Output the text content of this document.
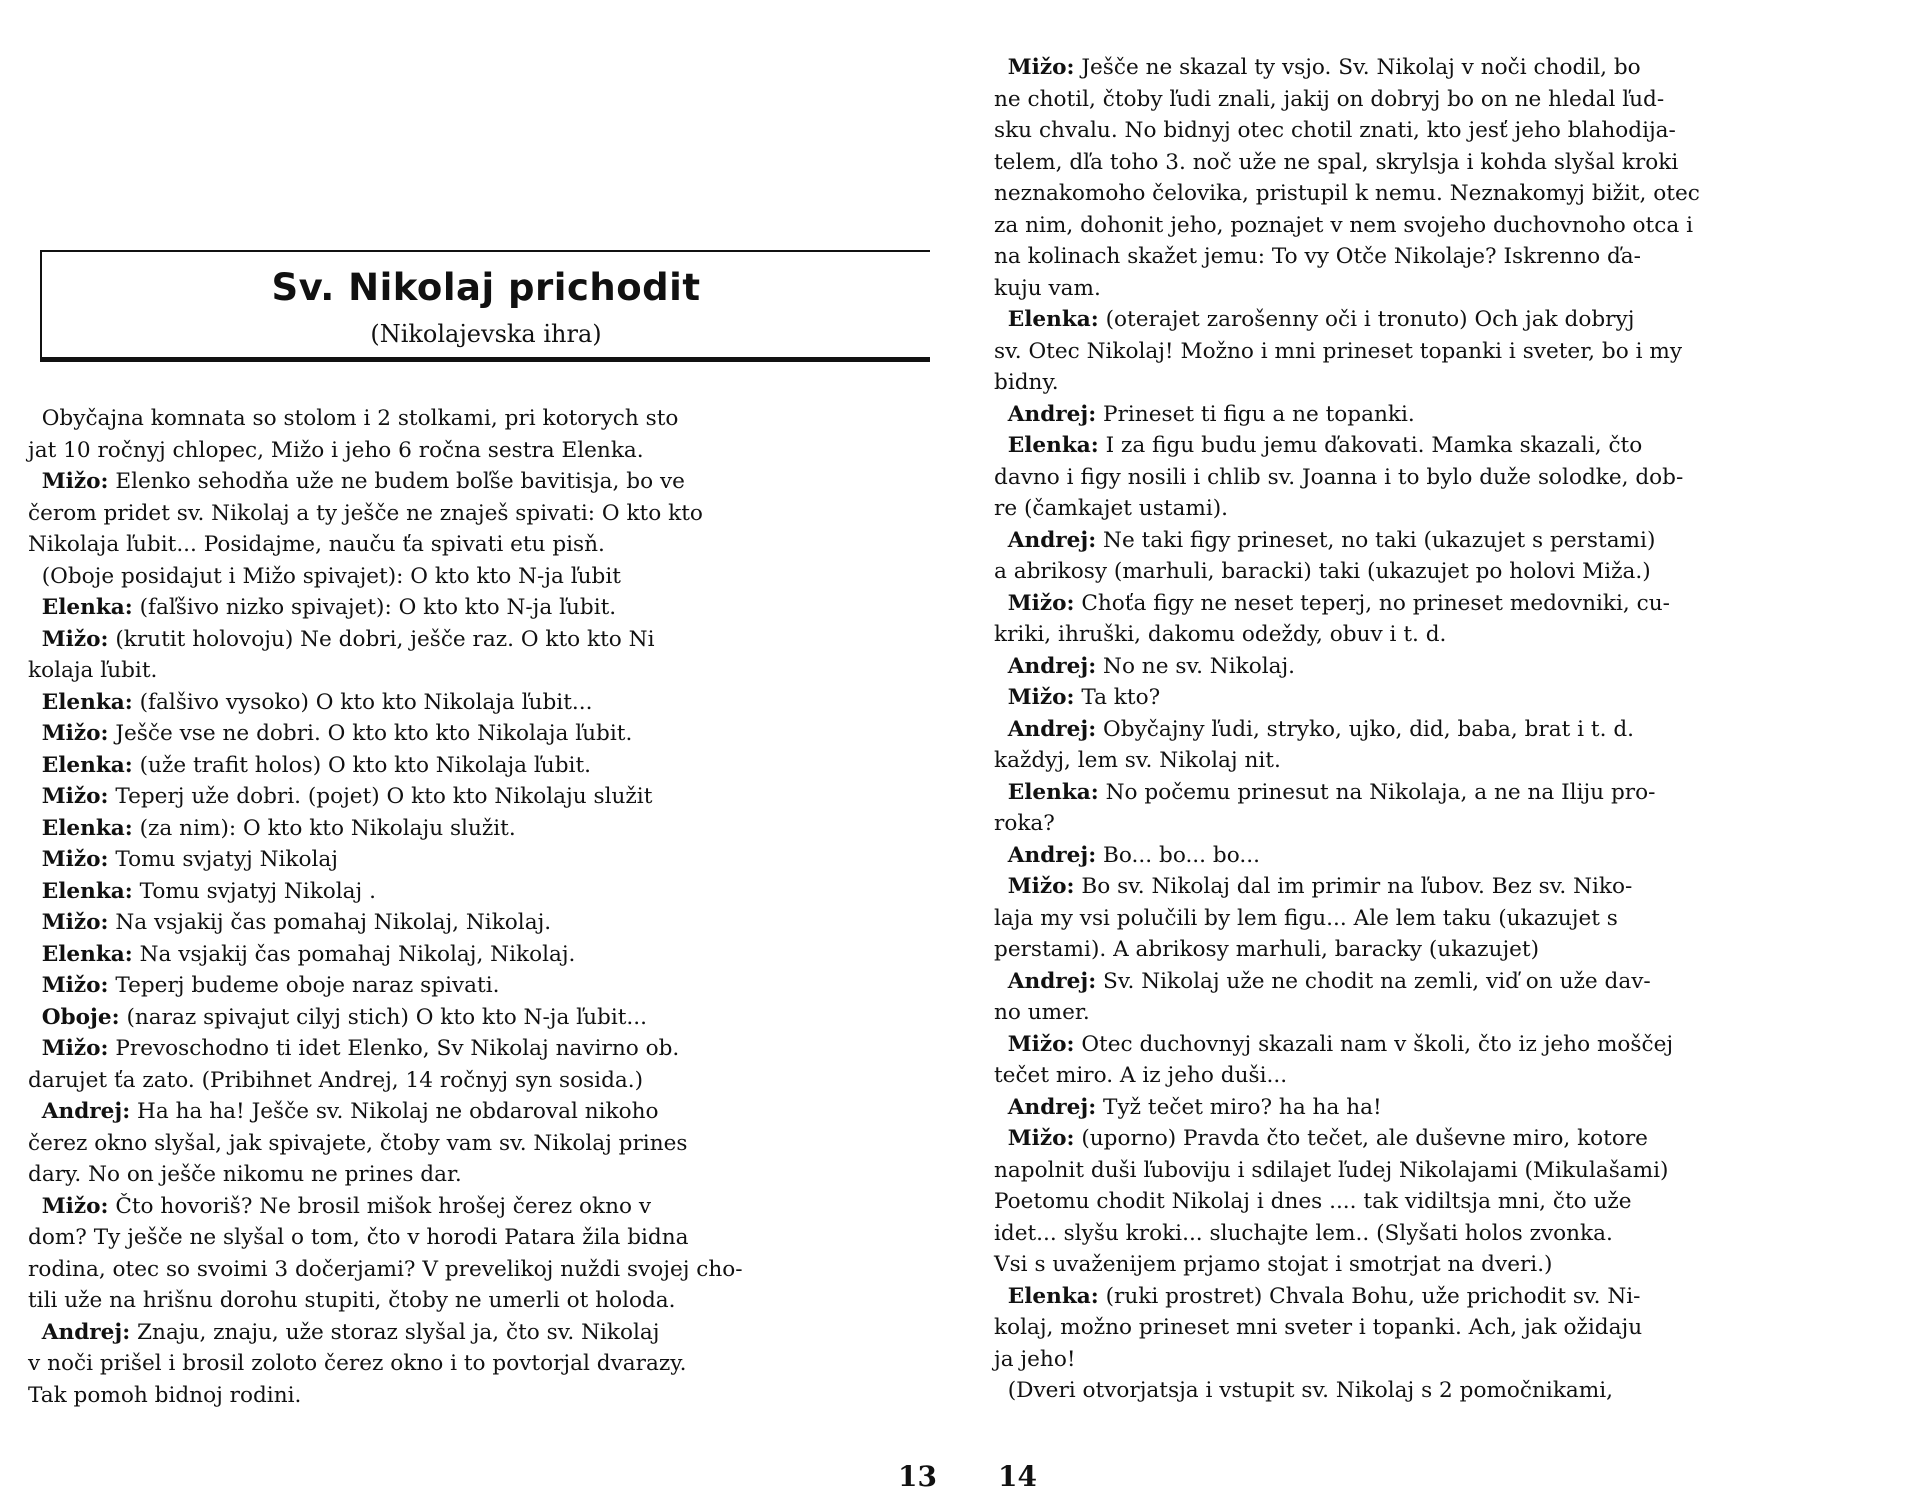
Sv. Nikolaj prichodit
(Nikolajevska ihra)
Obyčajna komnata so stolom i 2 stolkami, pri kotorych sto
jat 10 ročnyj chlopec, Mižo i jeho 6 ročna sestra Elenka.
Mižo: Elenko sehodňa uže ne budem boľše bavitisja, bo ve
čerom pridet sv. Nikolaj a ty ješče ne znaješ spivati: O kto kto
Nikolaja ľubit... Posidajme, nauču ťa spivati etu pisň.
(Oboje posidajut i Mižo spivajet): O kto kto N-ja ľubit
Elenka: (faľšivo nizko spivajet): O kto kto N-ja ľubit.
Mižo: (krutit holovoju) Ne dobri, ješče raz. O kto kto Ni
kolaja ľubit.
Elenka: (falšivo vysoko) O kto kto Nikolaja ľubit...
Mižo: Ješče vse ne dobri. O kto kto kto Nikolaja ľubit.
Elenka: (uže trafit holos) O kto kto Nikolaja ľubit.
Mižo: Teperj uže dobri. (pojet) O kto kto Nikolaju služit
Elenka: (za nim): O kto kto Nikolaju služit.
Mižo: Tomu svjatyj Nikolaj
Elenka: Tomu svjatyj Nikolaj .
Mižo: Na vsjakij čas pomahaj Nikolaj, Nikolaj.
Elenka: Na vsjakij čas pomahaj Nikolaj, Nikolaj.
Mižo: Teperj budeme oboje naraz spivati.
Oboje: (naraz spivajut cilyj stich) O kto kto N-ja ľubit...
Mižo: Prevoschodno ti idet Elenko, Sv Nikolaj navirno ob.
darujet ťa zato. (Pribihnet Andrej, 14 ročnyj syn sosida.)
Andrej: Ha ha ha! Ješče sv. Nikolaj ne obdaroval nikoho
čerez okno slyšal, jak spivajete, čtoby vam sv. Nikolaj prines
dary. No on ješče nikomu ne prines dar.
Mižo: Čto hovoriš? Ne brosil mišok hrošej čerez okno v
dom? Ty ješče ne slyšal o tom, čto v horodi Patara žila bidna
rodina, otec so svoimi 3 dočerjami? V prevelikoj nuždi svojej cho-
tili uže na hrišnu dorohu stupiti, čtoby ne umerli ot holoda.
Andrej: Znaju, znaju, uže storaz slyšal ja, čto sv. Nikolaj
v noči prišel i brosil zoloto čerez okno i to povtorjal dvarazy.
Tak pomoh bidnoj rodini.
13
Mižo: Ješče ne skazal ty vsjo. Sv. Nikolaj v noči chodil, bo
ne chotil, čtoby ľudi znali, jakij on dobryj bo on ne hledal ľud-
sku chvalu. No bidnyj otec chotil znati, kto jesť jeho blahodija-
telem, dľa toho 3. noč uže ne spal, skrylsja i kohda slyšal kroki
neznakomoho čelovika, pristupil k nemu. Neznakomyj bižit, otec
za nim, dohonit jeho, poznajet v nem svojeho duchovnoho otca i
na kolinach skažet jemu: To vy Otče Nikolaje? Iskrenno ďa-
kuju vam.
Elenka: (oterajet zarošenny oči i tronuto) Och jak dobryj
sv. Otec Nikolaj! Možno i mni prineset topanki i sveter, bo i my
bidny.
Andrej: Prineset ti figu a ne topanki.
Elenka: I za figu budu jemu ďakovati. Mamka skazali, čto
davno i figy nosili i chlib sv. Joanna i to bylo duže solodke, dob-
re (čamkajet ustami).
Andrej: Ne taki figy prineset, no taki (ukazujet s perstami)
a abrikosy (marhuli, baracki) taki (ukazujet po holovi Miža.)
Mižo: Choťa figy ne neset teperj, no prineset medovniki, cu-
kriki, ihruški, dakomu odeždy, obuv i t. d.
Andrej: No ne sv. Nikolaj.
Mižo: Ta kto?
Andrej: Obyčajny ľudi, stryko, ujko, did, baba, brat i t. d.
každyj, lem sv. Nikolaj nit.
Elenka: No počemu prinesut na Nikolaja, a ne na Iliju pro-
roka?
Andrej: Bo... bo... bo...
Mižo: Bo sv. Nikolaj dal im primir na ľubov. Bez sv. Niko-
laja my vsi polučili by lem figu... Ale lem taku (ukazujet s
perstami). A abrikosy marhuli, baracky (ukazujet)
Andrej: Sv. Nikolaj uže ne chodit na zemli, viď on uže dav-
no umer.
Mižo: Otec duchovnyj skazali nam v školi, čto iz jeho moščej
tečet miro. A iz jeho duši...
Andrej: Tyž tečet miro? ha ha ha!
Mižo: (uporno) Pravda čto tečet, ale duševne miro, kotore
napolnit duši ľuboviju i sdilajet ľudej Nikolajami (Mikulašami)
Poetomu chodit Nikolaj i dnes .... tak vidiltsja mni, čto uže
idet... slyšu kroki... sluchajte lem.. (Slyšati holos zvonka.
Vsi s uvaženijem prjamo stojat i smotrjat na dveri.)
Elenka: (ruki prostret) Chvala Bohu, uže prichodit sv. Ni-
kolaj, možno prineset mni sveter i topanki. Ach, jak ožidaju
ja jeho!
(Dveri otvorjatsja i vstupit sv. Nikolaj s 2 pomočnikami,
14
